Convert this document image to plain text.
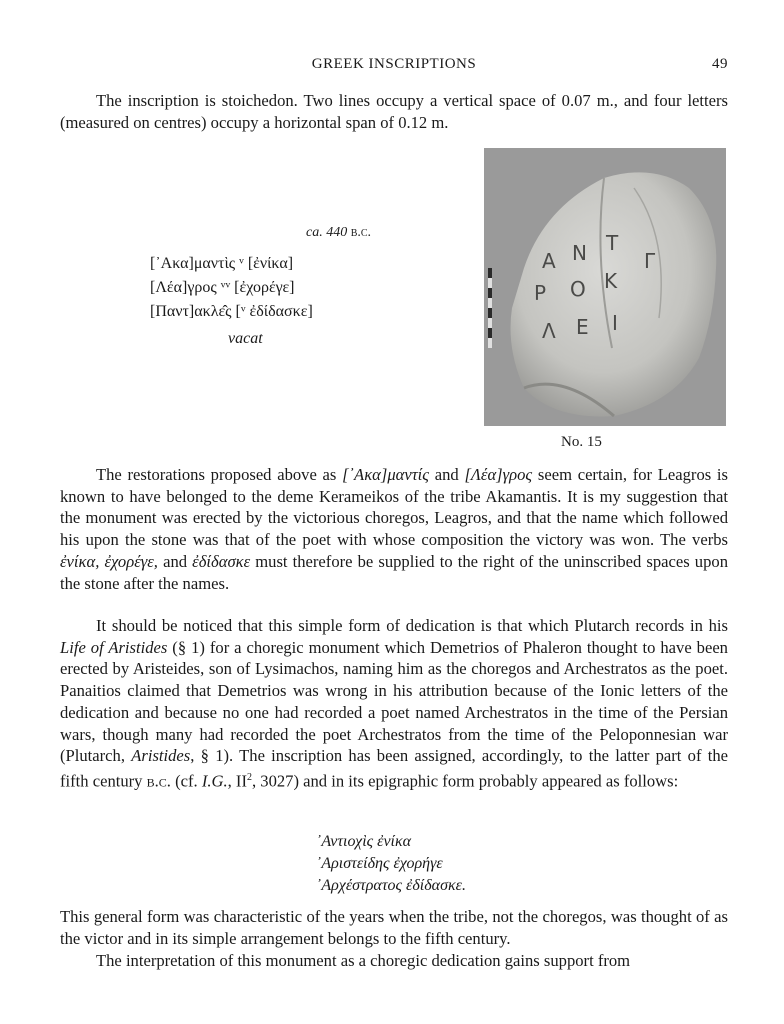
GREEK INSCRIPTIONS	49

The inscription is stoichedon. Two lines occupy a vertical space of 0.07 m., and four letters (measured on centres) occupy a horizontal span of 0.12 m.

ca. 440 b.c.
[᾿Ακα]μαντὶς ᵛ [ἐνίκα]
[Λέα]γρος ᵛᵛ [ἐχορέγε]
[Παντ]ακλε̂ς [ᵛ ἐδίδασκε]
vacat
Α Ν Τ
Ρ Ο Κ
Λ Ε Ι
Γ
No. 15

The restorations proposed above as [᾿Ακα]μαντίς and [Λέα]γρος seem certain, for Leagros is known to have belonged to the deme Kerameikos of the tribe Akamantis. It is my suggestion that the monument was erected by the victorious choregos, Leagros, and that the name which followed his upon the stone was that of the poet with whose composition the victory was won. The verbs ἐνίκα, ἐχορέγε, and ἐδίδασκε must therefore be supplied to the right of the uninscribed spaces upon the stone after the names.

It should be noticed that this simple form of dedication is that which Plutarch records in his Life of Aristides (§ 1) for a choregic monument which Demetrios of Phaleron thought to have been erected by Aristeides, son of Lysimachos, naming him as the choregos and Archestratos as the poet. Panaitios claimed that Demetrios was wrong in his attribution because of the Ionic letters of the dedication and because no one had recorded a poet named Archestratos in the time of the Persian wars, though many had recorded the poet Archestratos from the time of the Peloponnesian war (Plutarch, Aristides, § 1). The inscription has been assigned, accordingly, to the latter part of the fifth century b.c. (cf. I.G., $II^2$, 3027) and in its epigraphic form probably appeared as follows:

᾿Αντιοχὶς ἐνίκα
᾿Αριστείδης ἐχορήγε
᾿Αρχέστρατος ἐδίδασκε.

This general form was characteristic of the years when the tribe, not the choregos, was thought of as the victor and in its simple arrangement belongs to the fifth century.

The interpretation of this monument as a choregic dedication gains support from
